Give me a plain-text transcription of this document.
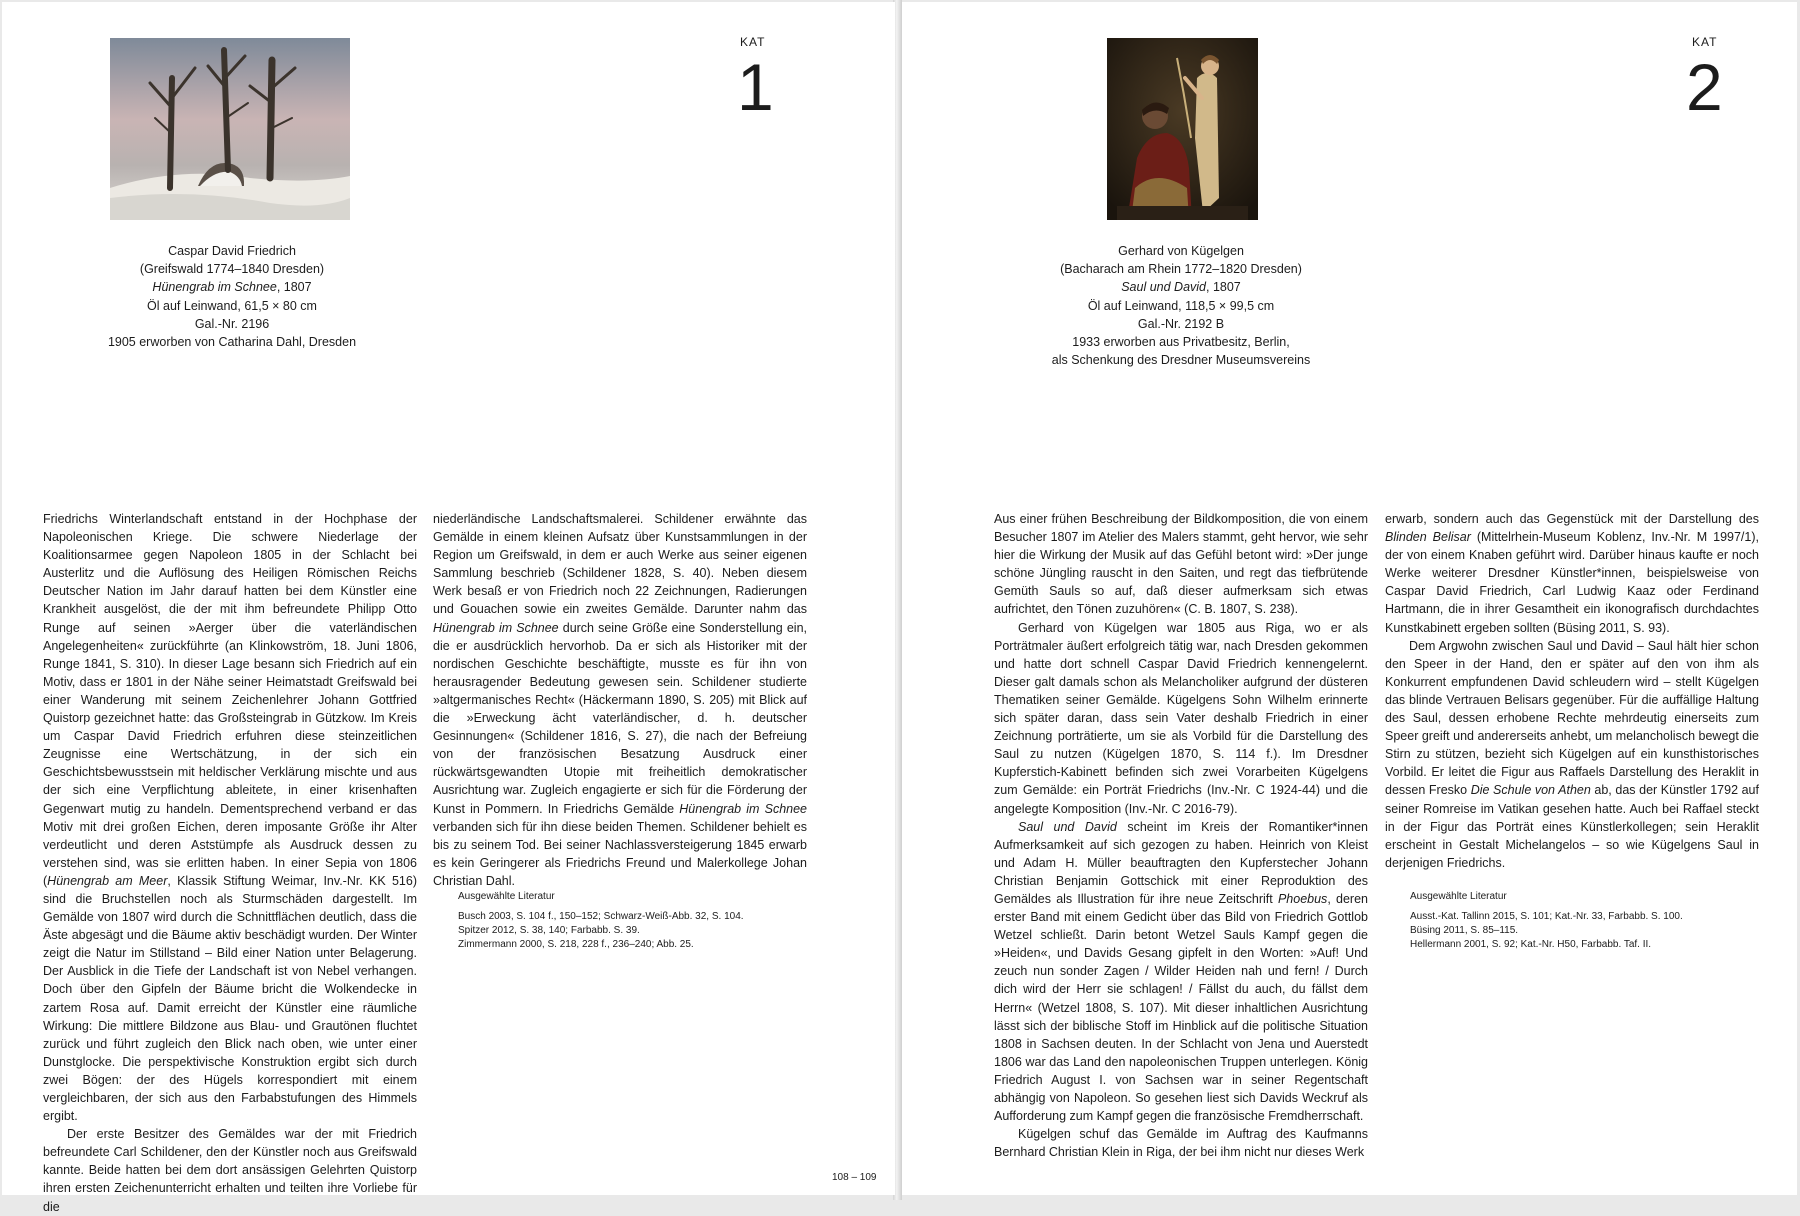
KAT
1
Caspar David Friedrich
(Greifswald 1774–1840 Dresden)
Hünengrab im Schnee, 1807
Öl auf Leinwand, 61,5 × 80 cm
Gal.-Nr. 2196
1905 erworben von Catharina Dahl, Dresden

Friedrichs Winterlandschaft entstand in der Hochphase der Napoleonischen Kriege. Die schwere Niederlage der Koalitionsarmee gegen Napoleon 1805 in der Schlacht bei Austerlitz und die Auflösung des Heiligen Römischen Reichs Deutscher Nation im Jahr darauf hatten bei dem Künstler eine Krankheit ausgelöst, die der mit ihm befreundete Philipp Otto Runge auf seinen »Aerger über die vaterländischen Angelegenheiten« zurückführte (an Klinkowström, 18. Juni 1806, Runge 1841, S. 310). In dieser Lage besann sich Friedrich auf ein Motiv, dass er 1801 in der Nähe seiner Heimatstadt Greifswald bei einer Wanderung mit seinem Zeichenlehrer Johann Gottfried Quistorp gezeichnet hatte: das Großsteingrab in Gützkow. Im Kreis um Caspar David Friedrich erfuhren diese steinzeitlichen Zeugnisse eine Wertschätzung, in der sich ein Geschichtsbewusstsein mit heldischer Verklärung mischte und aus der sich eine Verpflichtung ableitete, in einer krisenhaften Gegenwart mutig zu handeln. Dementsprechend verband er das Motiv mit drei großen Eichen, deren imposante Größe ihr Alter verdeutlicht und deren Aststümpfe als Ausdruck dessen zu verstehen sind, was sie erlitten haben. In einer Sepia von 1806 (Hünengrab am Meer, Klassik Stiftung Weimar, Inv.-Nr. KK 516) sind die Bruchstellen noch als Sturmschäden dargestellt. Im Gemälde von 1807 wird durch die Schnittflächen deutlich, dass die Äste abgesägt und die Bäume aktiv beschädigt wurden. Der Winter zeigt die Natur im Stillstand – Bild einer Nation unter Belagerung. Der Ausblick in die Tiefe der Landschaft ist von Nebel verhangen. Doch über den Gipfeln der Bäume bricht die Wolkendecke in zartem Rosa auf. Damit erreicht der Künstler eine räumliche Wirkung: Die mittlere Bildzone aus Blau- und Grautönen fluchtet zurück und führt zugleich den Blick nach oben, wie unter einer Dunstglocke. Die perspektivische Konstruktion ergibt sich durch zwei Bögen: der des Hügels korrespondiert mit einem vergleichbaren, der sich aus den Farbabstufungen des Himmels ergibt.

Der erste Besitzer des Gemäldes war der mit Friedrich befreundete Carl Schildener, den der Künstler noch aus Greifswald kannte. Beide hatten bei dem dort ansässigen Gelehrten Quistorp ihren ersten Zeichenunterricht erhalten und teilten ihre Vorliebe für die

niederländische Landschaftsmalerei. Schildener erwähnte das Gemälde in einem kleinen Aufsatz über Kunstsammlungen in der Region um Greifswald, in dem er auch Werke aus seiner eigenen Sammlung beschrieb (Schildener 1828, S. 40). Neben diesem Werk besaß er von Friedrich noch 22 Zeichnungen, Radierungen und Gouachen sowie ein zweites Gemälde. Darunter nahm das Hünengrab im Schnee durch seine Größe eine Sonderstellung ein, die er ausdrücklich hervorhob. Da er sich als Historiker mit der nordischen Geschichte beschäftigte, musste es für ihn von herausragender Bedeutung gewesen sein. Schildener studierte »altgermanisches Recht« (Häckermann 1890, S. 205) mit Blick auf die »Erweckung ächt vaterländischer, d. h. deutscher Gesinnungen« (Schildener 1816, S. 27), die nach der Befreiung von der französischen Besatzung Ausdruck einer rückwärtsgewandten Utopie mit freiheitlich demokratischer Ausrichtung war. Zugleich engagierte er sich für die Förderung der Kunst in Pommern. In Friedrichs Gemälde Hünengrab im Schnee verbanden sich für ihn diese beiden Themen. Schildener behielt es bis zu seinem Tod. Bei seiner Nachlassversteigerung 1845 erwarb es kein Geringerer als Friedrichs Freund und Malerkollege Johan Christian Dahl.

Ausgewählte Literatur
Busch 2003, S. 104 f., 150–152; Schwarz-Weiß-Abb. 32, S. 104.
Spitzer 2012, S. 38, 140; Farbabb. S. 39.
Zimmermann 2000, S. 218, 228 f., 236–240; Abb. 25.
108 – 109
KAT
2
Gerhard von Kügelgen
(Bacharach am Rhein 1772–1820 Dresden)
Saul und David, 1807
Öl auf Leinwand, 118,5 × 99,5 cm
Gal.-Nr. 2192 B
1933 erworben aus Privatbesitz, Berlin,
als Schenkung des Dresdner Museumsvereins

Aus einer frühen Beschreibung der Bildkomposition, die von einem Besucher 1807 im Atelier des Malers stammt, geht hervor, wie sehr hier die Wirkung der Musik auf das Gefühl betont wird: »Der junge schöne Jüngling rauscht in den Saiten, und regt das tiefbrütende Gemüth Sauls so auf, daß dieser aufmerksam sich etwas aufrichtet, den Tönen zuzuhören« (C. B. 1807, S. 238).

Gerhard von Kügelgen war 1805 aus Riga, wo er als Porträtmaler äußert erfolgreich tätig war, nach Dresden gekommen und hatte dort schnell Caspar David Friedrich kennengelernt. Dieser galt damals schon als Melancholiker aufgrund der düsteren Thematiken seiner Gemälde. Kügelgens Sohn Wilhelm erinnerte sich später daran, dass sein Vater deshalb Friedrich in einer Zeichnung porträtierte, um sie als Vorbild für die Darstellung des Saul zu nutzen (Kügelgen 1870, S. 114 f.). Im Dresdner Kupferstich-Kabinett befinden sich zwei Vorarbeiten Kügelgens zum Gemälde: ein Porträt Friedrichs (Inv.-Nr. C 1924-44) und die angelegte Komposition (Inv.-Nr. C 2016-79).

Saul und David scheint im Kreis der Romantiker*innen Aufmerksamkeit auf sich gezogen zu haben. Heinrich von Kleist und Adam H. Müller beauftragten den Kupferstecher Johann Christian Benjamin Gottschick mit einer Reproduktion des Gemäldes als Illustration für ihre neue Zeitschrift Phoebus, deren erster Band mit einem Gedicht über das Bild von Friedrich Gottlob Wetzel schließt. Darin betont Wetzel Sauls Kampf gegen die »Heiden«, und Davids Gesang gipfelt in den Worten: »Auf! Und zeuch nun sonder Zagen / Wilder Heiden nah und fern! / Durch dich wird der Herr sie schlagen! / Fällst du auch, du fällst dem Herrn« (Wetzel 1808, S. 107). Mit dieser inhaltlichen Ausrichtung lässt sich der biblische Stoff im Hinblick auf die politische Situation 1808 in Sachsen deuten. In der Schlacht von Jena und Auerstedt 1806 war das Land den napoleonischen Truppen unterlegen. König Friedrich August I. von Sachsen war in seiner Regentschaft abhängig von Napoleon. So gesehen liest sich Davids Weckruf als Aufforderung zum Kampf gegen die französische Fremdherrschaft.

Kügelgen schuf das Gemälde im Auftrag des Kaufmanns Bernhard Christian Klein in Riga, der bei ihm nicht nur dieses Werk

erwarb, sondern auch das Gegenstück mit der Darstellung des Blinden Belisar (Mittelrhein-Museum Koblenz, Inv.-Nr. M 1997/1), der von einem Knaben geführt wird. Darüber hinaus kaufte er noch Werke weiterer Dresdner Künstler*innen, beispielsweise von Caspar David Friedrich, Carl Ludwig Kaaz oder Ferdinand Hartmann, die in ihrer Gesamtheit ein ikonografisch durchdachtes Kunstkabinett ergeben sollten (Büsing 2011, S. 93).

Dem Argwohn zwischen Saul und David – Saul hält hier schon den Speer in der Hand, den er später auf den von ihm als Konkurrent empfundenen David schleudern wird – stellt Kügelgen das blinde Vertrauen Belisars gegenüber. Für die auffällige Haltung des Saul, dessen erhobene Rechte mehrdeutig einerseits zum Speer greift und andererseits anhebt, um melancholisch bewegt die Stirn zu stützen, bezieht sich Kügelgen auf ein kunsthistorisches Vorbild. Er leitet die Figur aus Raffaels Darstellung des Heraklit in dessen Fresko Die Schule von Athen ab, das der Künstler 1792 auf seiner Romreise im Vatikan gesehen hatte. Auch bei Raffael steckt in der Figur das Porträt eines Künstlerkollegen; sein Heraklit erscheint in Gestalt Michelangelos – so wie Kügelgens Saul in derjenigen Friedrichs.

Ausgewählte Literatur
Ausst.-Kat. Tallinn 2015, S. 101; Kat.-Nr. 33, Farbabb. S. 100.
Büsing 2011, S. 85–115.
Hellermann 2001, S. 92; Kat.-Nr. H50, Farbabb. Taf. II.
